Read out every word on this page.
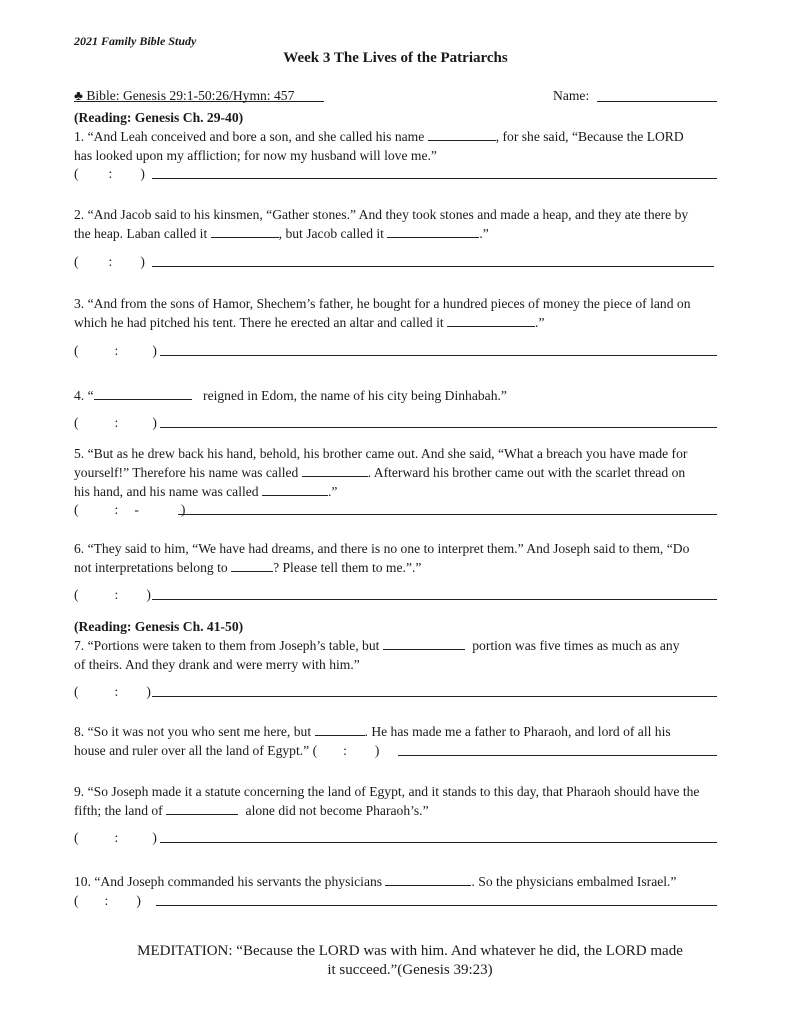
2021 Family Bible Study
Week 3 The Lives of the Patriarchs
♣ Bible: Genesis 29:1-50:26/Hymn: 457	Name:
(Reading: Genesis Ch. 29-40)
1. “And Leah conceived and bore a son, and she called his name	, for she said, “Because the LORD
has looked upon my affliction; for now my husband will love me.”
( : )
2. “And Jacob said to his kinsmen, “Gather stones.” And they took stones and made a heap, and they ate there by
the heap. Laban called it	, but Jacob called it	.”
( : )
3. “And from the sons of Hamor, Shechem’s father, he bought for a hundred pieces of money the piece of land on
which he had pitched his tent. There he erected an altar and called it	.”
(	:	)
4. “	reigned in Edom, the name of his city being Dinhabah.”
(	:	)
5. “But as he drew back his hand, behold, his brother came out. And she said, “What a breach you have made for
yourself!” Therefore his name was called	. Afterward his brother came out with the scarlet thread on
his hand, and his name was called	.”
(	: -	)
6. “They said to him, “We have had dreams, and there is no one to interpret them.” And Joseph said to them, “Do
not interpretations belong to	? Please tell them to me.”.”
(	: )
(Reading: Genesis Ch. 41-50)
7. “Portions were taken to them from Joseph’s table, but	portion was five times as much as any
of theirs. And they drank and were merry with him.”
(	: )
8. “So it was not you who sent me here, but	. He has made me a father to Pharaoh, and lord of all his
house and ruler over all the land of Egypt.” ( : )
9. “So Joseph made it a statute concerning the land of Egypt, and it stands to this day, that Pharaoh should have the
fifth; the land of	alone did not become Pharaoh’s.”
(	:	)
10. “And Joseph commanded his servants the physicians	. So the physicians embalmed Israel.”
( : )
MEDITATION: “Because the LORD was with him. And whatever he did, the LORD made
it succeed.”(Genesis 39:23)
